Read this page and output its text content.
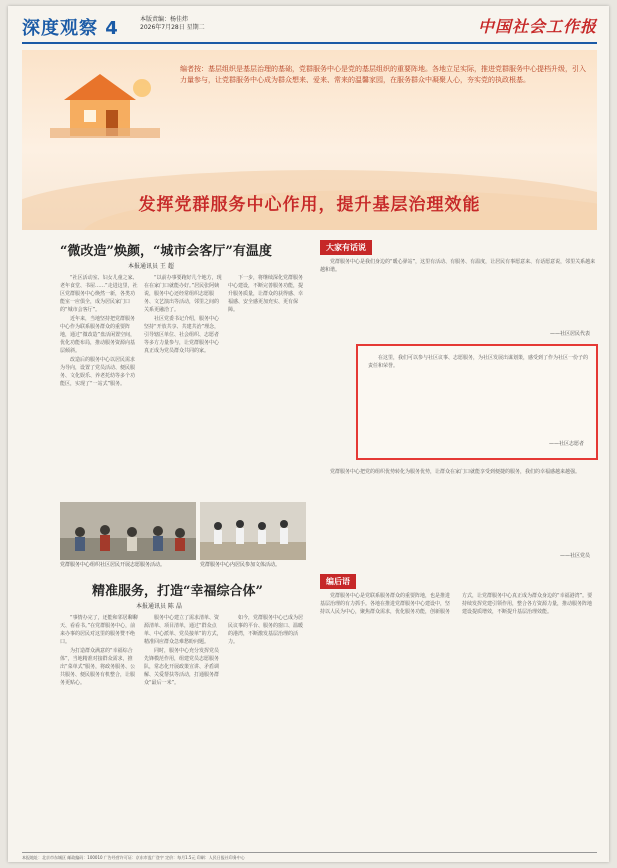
深度观察 4	本版责编：杨佳炜
2026年7月28日 星期二	中国社会工作报
编者按：基层组织是基层治理的基础，党群服务中心是党的基层组织的重要阵地。各地立足实际，推进党群服务中心提档升级，引入力量参与，让党群服务中心成为群众想来、爱来、常来的温馨家园，在服务群众中凝聚人心，夯实党的执政根基。
发挥党群服务中心作用，提升基层治理效能
“微改造”焕颜，“城市会客厅”有温度
本报通讯员 王 超

“社区活动室、妇女儿童之家、老年食堂、书屋……”走进这里，社区党群服务中心焕然一新，各类功能室一应俱全，成为居民家门口的“城市会客厅”。

近年来，当地坚持把党群服务中心作为联系服务群众的重要阵地，通过“微改造”盘活闲置空间，优化功能布局，推动服务资源向基层倾斜。

改造后的服务中心以居民需求为导向，设置了党员活动、便民服务、文化娱乐、养老托幼等多个功能区，实现了“一站式”服务。

“以前办事要跑好几个地方，现在在家门口就能办好。”居民张阿姨说，服务中心还经常组织志愿服务、文艺演出等活动，邻里之间的关系更融洽了。

社区党委书记介绍，服务中心坚持“开放共享、共建共治”理念，引导辖区单位、社会组织、志愿者等多方力量参与，让党群服务中心真正成为党员群众共同的家。

下一步，将继续深化党群服务中心建设，不断完善服务功能，提升服务质量，让群众的获得感、幸福感、安全感更加充实、更有保障。

党群服务中心组织社区居民开展志愿服务活动。	党群服务中心内居民参加文体活动。
精准服务，打造“幸福综合体”
本报通讯员 陈 晶

“事情办完了，还能和邻居聊聊天、看看书。”在党群服务中心，前来办事的居民对这里的服务赞不绝口。

为打造群众满意的“幸福综合体”，当地精准对接群众需求，推出“菜单式”服务，将政务服务、公共服务、便民服务有机整合，让服务更贴心。

服务中心建立了需求清单、资源清单、项目清单，通过“群众点单、中心派单、党员接单”的方式，精准回应群众急难愁盼问题。

同时，服务中心充分发挥党员先锋模范作用，组建党员志愿服务队，常态化开展政策宣讲、矛盾调解、关爱帮扶等活动，打通服务群众“最后一米”。

如今，党群服务中心已成为居民议事的平台、服务的窗口、温暖的港湾，不断激发基层治理的活力。

大家有话说

党群服务中心是我们身边的“暖心驿站”，这里有活动、有服务、有温度，让居民有事愿意来、有话愿意说，邻里关系越来越和谐。

——社区居民代表

在这里，我们可以参与社区议事、志愿服务，为社区发展出谋划策，感受到了作为社区一份子的责任和荣誉。

——社区志愿者

党群服务中心把党的组织优势转化为服务优势，让群众在家门口就能享受到便捷的服务，我们的幸福感越来越强。

——社区党员
编后语

党群服务中心是党联系服务群众的重要阵地，也是推进基层治理的有力抓手。各地在推进党群服务中心建设中，坚持以人民为中心，聚焦群众需求，优化服务功能，创新服务方式，让党群服务中心真正成为群众身边的“幸福港湾”。要持续发挥党建引领作用，整合各方资源力量，推动服务阵地建设提质增效，不断提升基层治理效能。

本报地址：北京市东城区 邮政编码：100010 广告经营许可证：京东市监广登字 定价：每月1.5元 印刷：人民日报社印务中心
